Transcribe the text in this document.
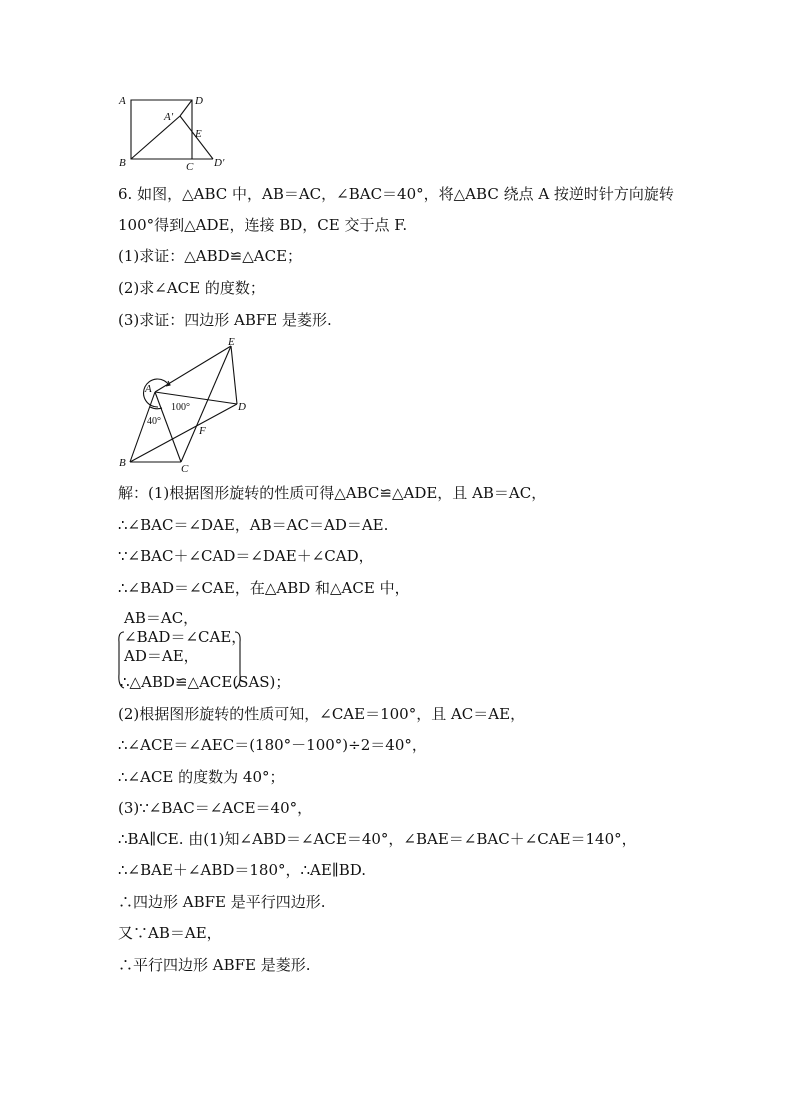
A	D
A′
E
B	C D′
6. 如图，△ABC 中，AB＝AC，∠BAC＝40°，将△ABC 绕点 A 按逆时针方向旋转
100°得到△ADE，连接 BD，CE 交于点 F.
(1)求证：△ABD≌△ACE；
(2)求∠ACE 的度数；
(3)求证：四边形 ABFE 是菱形.
E
A
D
F
B	C
100°
40°
解：(1)根据图形旋转的性质可得△ABC≌△ADE，且 AB＝AC，
∴∠BAC＝∠DAE，AB＝AC＝AD＝AE.
∵∠BAC＋∠CAD＝∠DAE＋∠CAD，
∴∠BAD＝∠CAE，在△ABD 和△ACE 中，
AB＝AC，
∠BAD＝∠CAE，
AD＝AE，
∴△ABD≌△ACE(SAS)；
(2)根据图形旋转的性质可知，∠CAE＝100°，且 AC＝AE，
∴∠ACE＝∠AEC＝(180°－100°)÷2＝40°，
∴∠ACE 的度数为 40°；
(3)∵∠BAC＝∠ACE＝40°，
∴BA∥CE. 由(1)知∠ABD＝∠ACE＝40°，∠BAE＝∠BAC＋∠CAE＝140°，
∴∠BAE＋∠ABD＝180°，∴AE∥BD.
∴四边形 ABFE 是平行四边形.
又∵AB＝AE，
∴平行四边形 ABFE 是菱形.
